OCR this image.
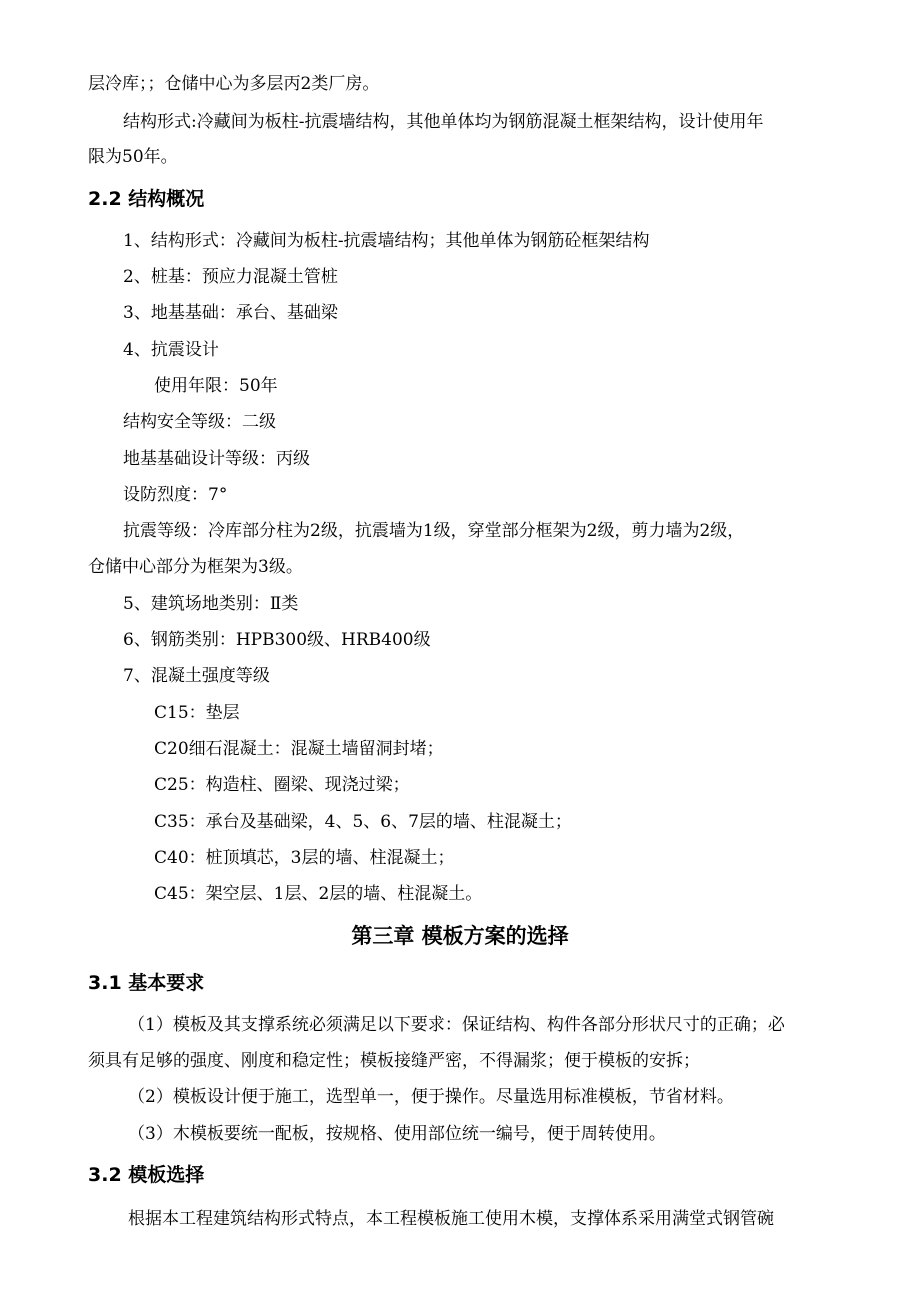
层冷库；；仓储中心为多层丙2类厂房。
结构形式:冷藏间为板柱-抗震墙结构，其他单体均为钢筋混凝土框架结构，设计使用年
限为50年。
2.2 结构概况
1、结构形式：冷藏间为板柱-抗震墙结构；其他单体为钢筋砼框架结构
2、桩基：预应力混凝土管桩
3、地基基础：承台、基础梁
4、抗震设计
使用年限：50年
结构安全等级：二级
地基基础设计等级：丙级
设防烈度：7°
抗震等级：冷库部分柱为2级，抗震墙为1级，穿堂部分框架为2级，剪力墙为2级，
仓储中心部分为框架为3级。
5、建筑场地类别：Ⅱ类
6、钢筋类别：HPB300级、HRB400级
7、混凝土强度等级
C15：垫层
C20细石混凝土：混凝土墙留洞封堵；
C25：构造柱、圈梁、现浇过梁；
C35：承台及基础梁，4、5、6、7层的墙、柱混凝土；
C40：桩顶填芯，3层的墙、柱混凝土；
C45：架空层、1层、2层的墙、柱混凝土。
第三章 模板方案的选择
3.1 基本要求
（1）模板及其支撑系统必须满足以下要求：保证结构、构件各部分形状尺寸的正确；必
须具有足够的强度、刚度和稳定性；模板接缝严密，不得漏浆；便于模板的安拆；
（2）模板设计便于施工，选型单一，便于操作。尽量选用标准模板，节省材料。
（3）木模板要统一配板，按规格、使用部位统一编号，便于周转使用。
3.2 模板选择
根据本工程建筑结构形式特点，本工程模板施工使用木模，支撑体系采用满堂式钢管碗
